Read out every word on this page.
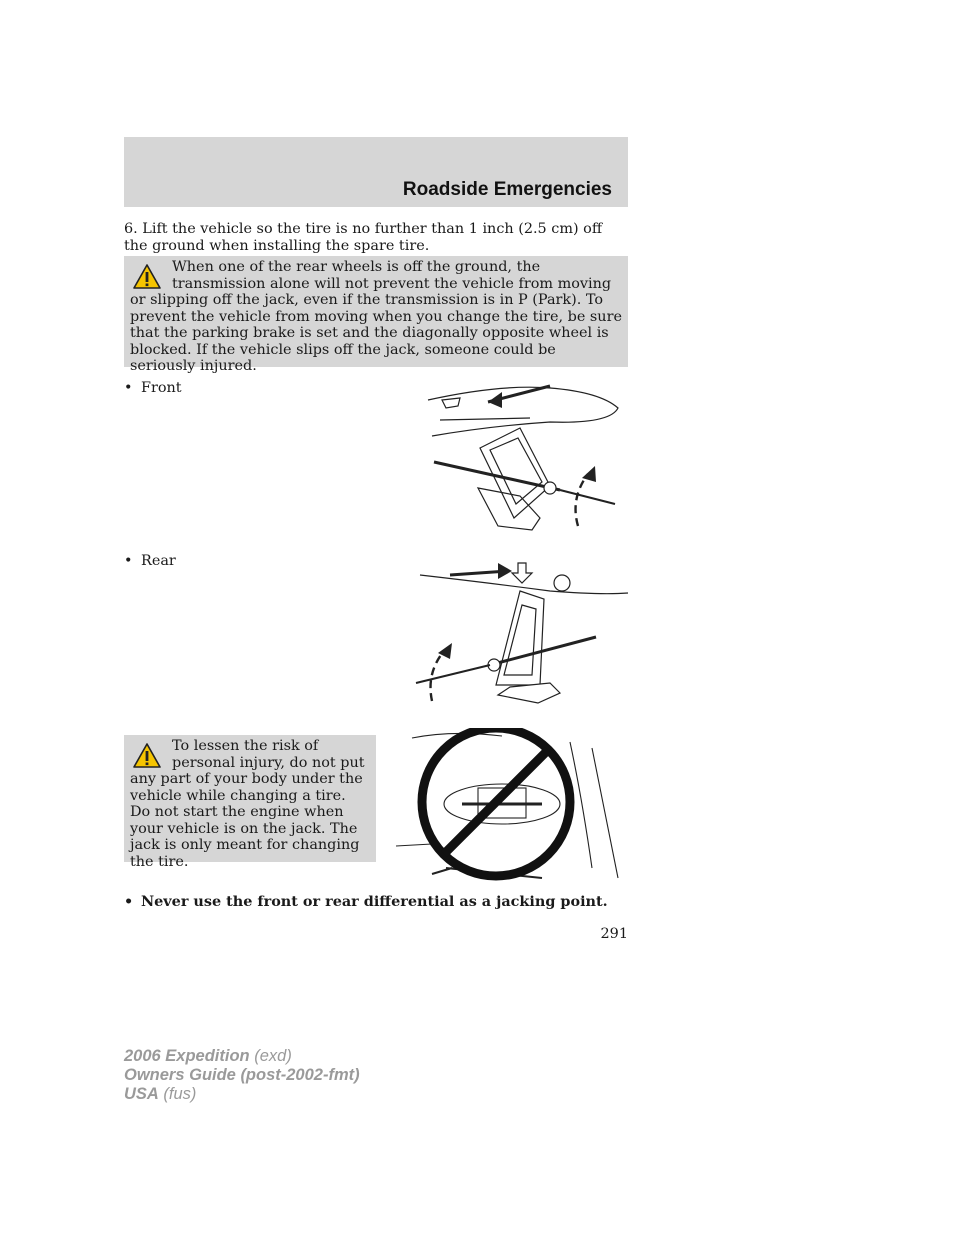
Roadside Emergencies
6. Lift the vehicle so the tire is no further than 1 inch (2.5 cm) off the ground when installing the spare tire.
When one of the rear wheels is off the ground, the transmission alone will not prevent the vehicle from moving or slipping off the jack, even if the transmission is in P (Park). To prevent the vehicle from moving when you change the tire, be sure that the parking brake is set and the diagonally opposite wheel is blocked. If the vehicle slips off the jack, someone could be seriously injured.
• Front
• Rear
To lessen the risk of personal injury, do not put any part of your body under the vehicle while changing a tire. Do not start the engine when your vehicle is on the jack. The jack is only meant for changing the tire.
• Never use the front or rear differential as a jacking point.
291
2006 Expedition (exd)
Owners Guide (post-2002-fmt)
USA (fus)
